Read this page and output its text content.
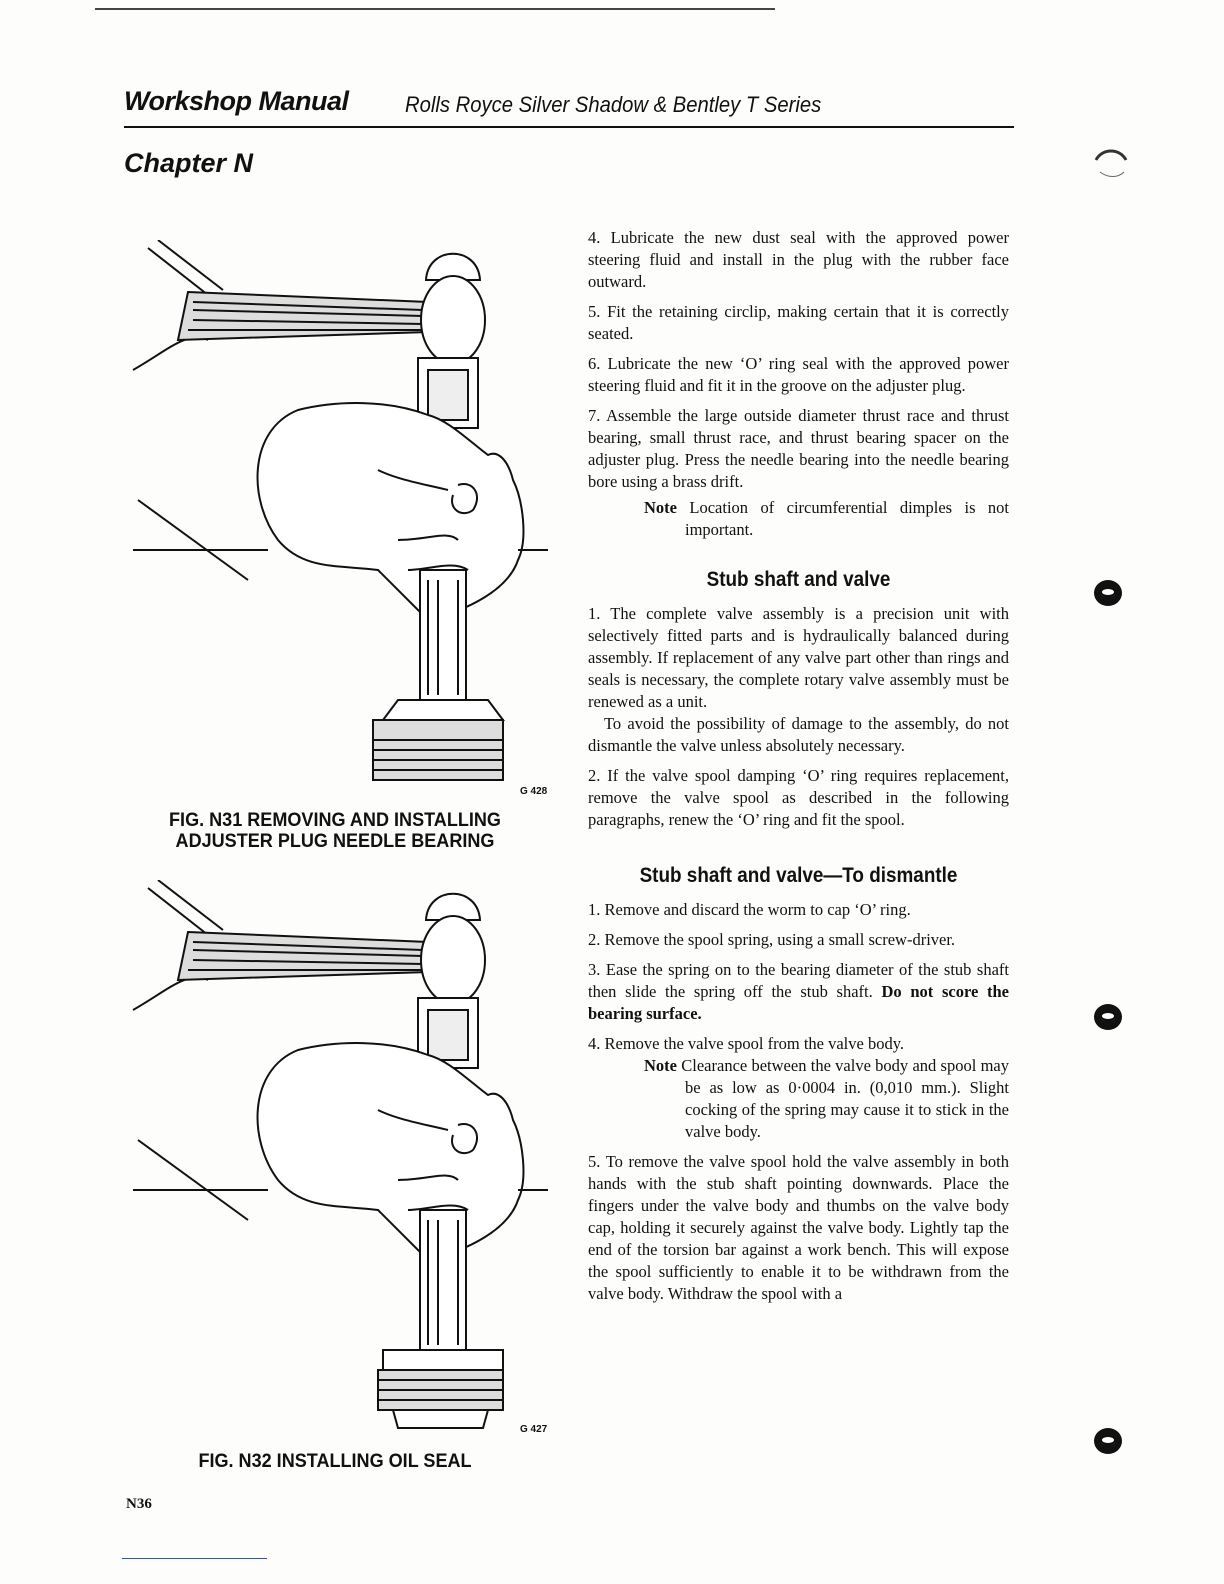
Workshop Manual	Rolls Royce Silver Shadow & Bentley T Series
Chapter N
G 428
FIG. N31 REMOVING AND INSTALLING
ADJUSTER PLUG NEEDLE BEARING
G 427
FIG. N32 INSTALLING OIL SEAL

4. Lubricate the new dust seal with the approved power steering fluid and install in the plug with the rubber face outward.

5. Fit the retaining circlip, making certain that it is correctly seated.

6. Lubricate the new ‘O’ ring seal with the approved power steering fluid and fit it in the groove on the adjuster plug.

7. Assemble the large outside diameter thrust race and thrust bearing, small thrust race, and thrust bearing spacer on the adjuster plug. Press the needle bearing into the needle bearing bore using a brass drift.

Note Location of circumferential dimples is not important.

Stub shaft and valve

1. The complete valve assembly is a precision unit with selectively fitted parts and is hydraulically balanced during assembly. If replacement of any valve part other than rings and seals is necessary, the complete rotary valve assembly must be renewed as a unit.

To avoid the possibility of damage to the assembly, do not dismantle the valve unless absolutely necessary.

2. If the valve spool damping ‘O’ ring requires replacement, remove the valve spool as described in the following paragraphs, renew the ‘O’ ring and fit the spool.

Stub shaft and valve—To dismantle

1. Remove and discard the worm to cap ‘O’ ring.

2. Remove the spool spring, using a small screw-driver.

3. Ease the spring on to the bearing diameter of the stub shaft then slide the spring off the stub shaft. Do not score the bearing surface.

4. Remove the valve spool from the valve body.

Note Clearance between the valve body and spool may be as low as 0·0004 in. (0,010 mm.). Slight cocking of the spring may cause it to stick in the valve body.

5. To remove the valve spool hold the valve assembly in both hands with the stub shaft pointing downwards. Place the fingers under the valve body and thumbs on the valve body cap, holding it securely against the valve body. Lightly tap the end of the torsion bar against a work bench. This will expose the spool sufficiently to enable it to be withdrawn from the valve body. Withdraw the spool with a

N36
